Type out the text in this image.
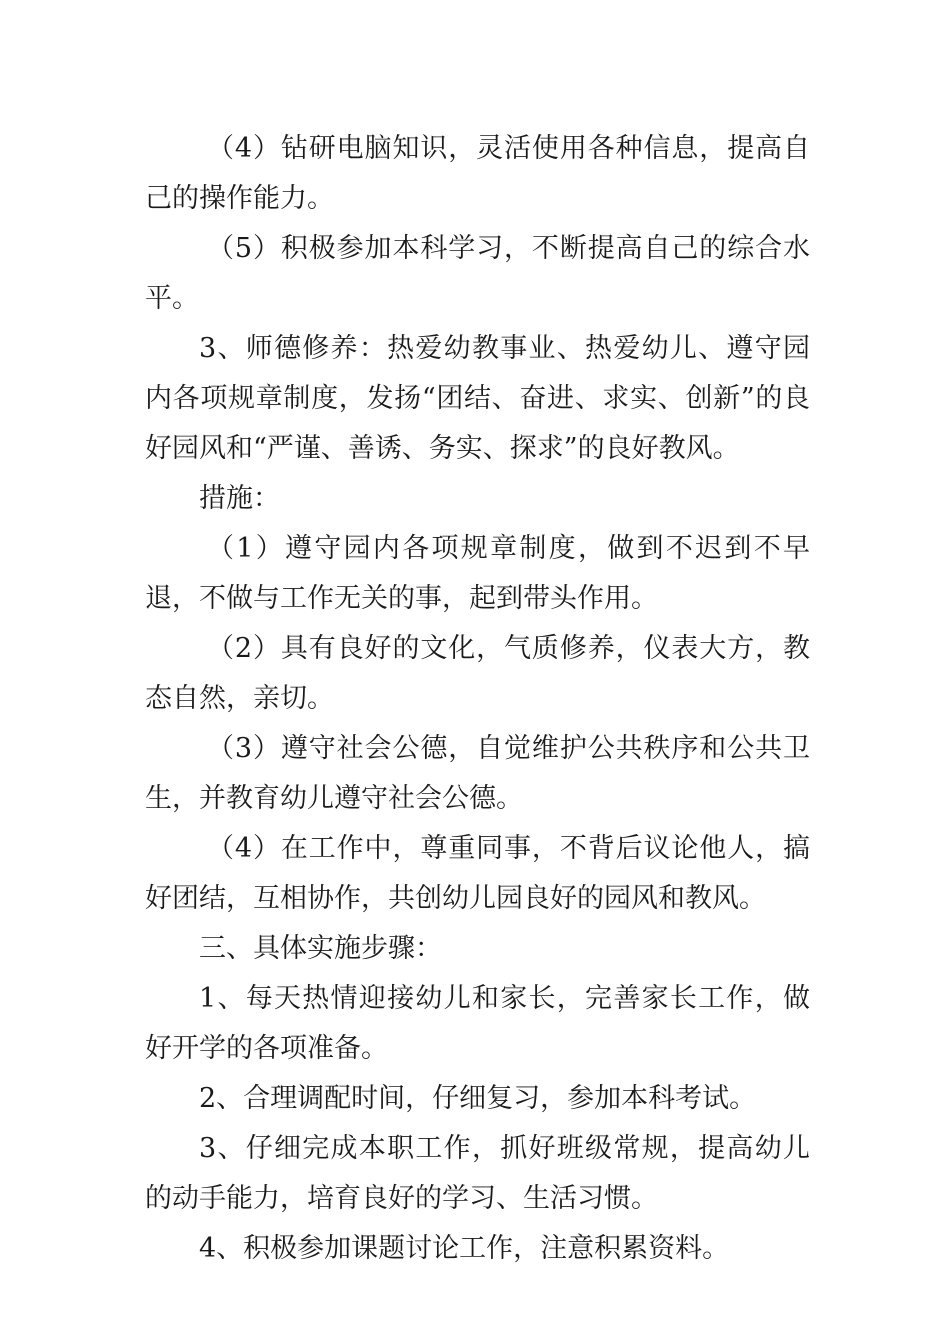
（4）钻研电脑知识，灵活使用各种信息，提高自己的操作能力。

（5）积极参加本科学习，不断提高自己的综合水平。

3、师德修养：热爱幼教事业、热爱幼儿、遵守园内各项规章制度，发扬“团结、奋进、求实、创新”的良好园风和“严谨、善诱、务实、探求”的良好教风。

措施：

（1）遵守园内各项规章制度，做到不迟到不早退，不做与工作无关的事，起到带头作用。

（2）具有良好的文化，气质修养，仪表大方，教态自然，亲切。

（3）遵守社会公德，自觉维护公共秩序和公共卫生，并教育幼儿遵守社会公德。

（4）在工作中，尊重同事，不背后议论他人，搞好团结，互相协作，共创幼儿园良好的园风和教风。

三、具体实施步骤：

1、每天热情迎接幼儿和家长，完善家长工作，做好开学的各项准备。

2、合理调配时间，仔细复习，参加本科考试。

3、仔细完成本职工作，抓好班级常规，提高幼儿的动手能力，培育良好的学习、生活习惯。

4、积极参加课题讨论工作，注意积累资料。
